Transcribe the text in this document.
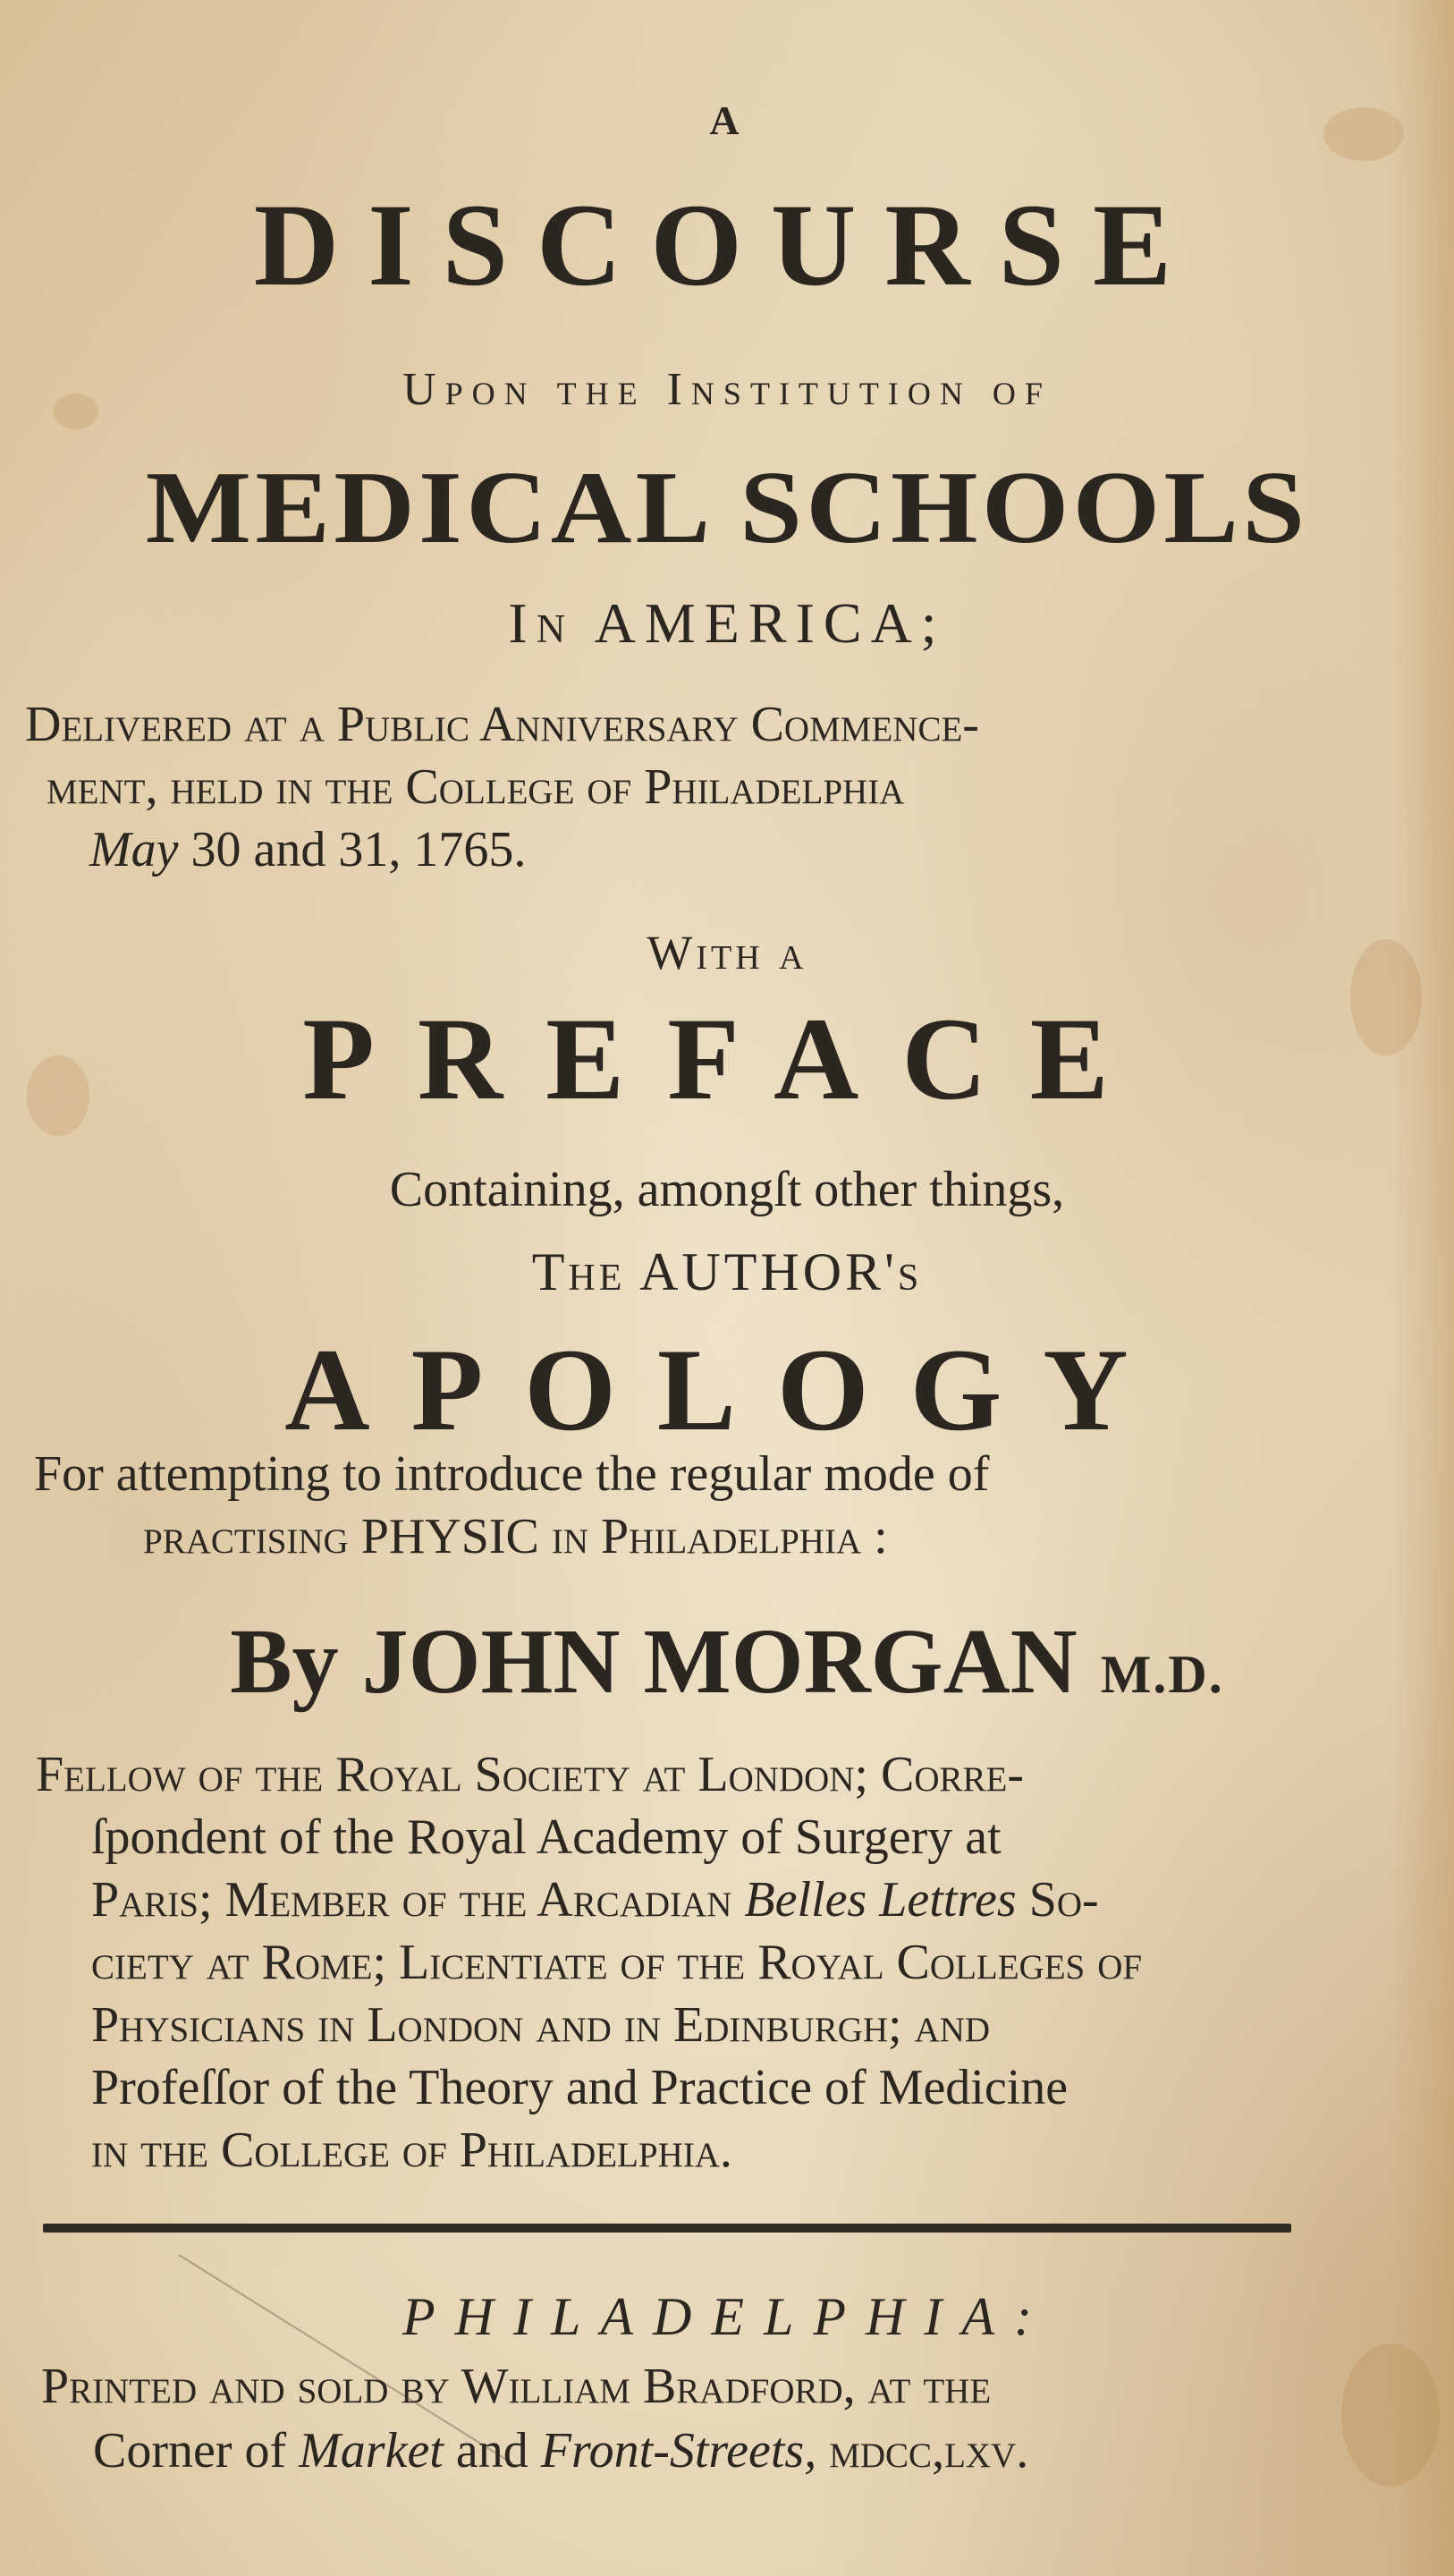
A
DISCOURSE
Upon the Institution of
MEDICAL SCHOOLS
In AMERICA;
Delivered at a Public Anniversary Commence-
ment, held in the College of Philadelphia
May 30 and 31, 1765.
With a
PREFACE
Containing, amongſt other things,
The AUTHOR's
APOLOGY
For attempting to introduce the regular mode of
practiſing PHYSIC in Philadelphia :
By JOHN MORGAN M.D.
Fellow of the Royal Society at London; Corre-
ſpondent of the Royal Academy of Surgery at
Paris; Member of the Arcadian Belles Lettres So-
ciety at Rome; Licentiate of the Royal Colleges of
Phyſicians in London and in Edinburgh; and
Profeſſor of the Theory and Practice of Medicine
in the College of Philadelphia.
PHILADELPHIA:
Printed and ſold by William Bradford, at the
Corner of Market and Front-Streets, mdcc,lxv.
